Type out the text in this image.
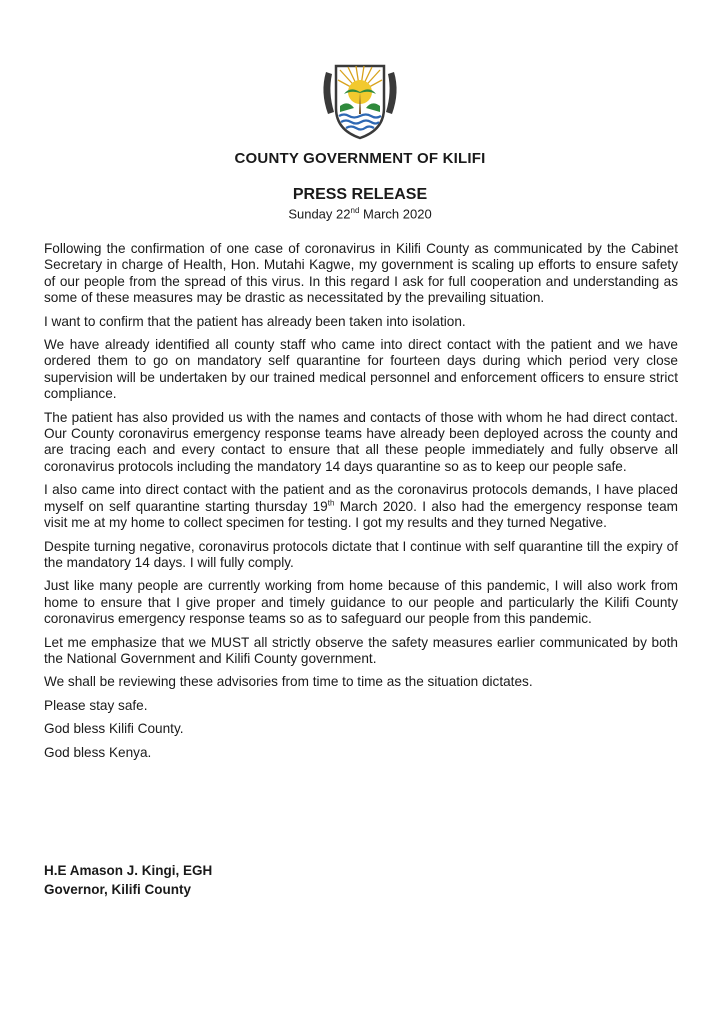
COUNTY GOVERNMENT OF KILIFI
PRESS RELEASE
Sunday 22nd March 2020

Following the confirmation of one case of coronavirus in Kilifi County as communicated by the Cabinet Secretary in charge of Health, Hon. Mutahi Kagwe, my government is scaling up efforts to ensure safety of our people from the spread of this virus. In this regard I ask for full cooperation and understanding as some of these measures may be drastic as necessitated by the prevailing situation.

I want to confirm that the patient has already been taken into isolation.

We have already identified all county staff who came into direct contact with the patient and we have ordered them to go on mandatory self quarantine for fourteen days during which period very close supervision will be undertaken by our trained medical personnel and enforcement officers to ensure strict compliance.

The patient has also provided us with the names and contacts of those with whom he had direct contact. Our County coronavirus emergency response teams have already been deployed across the county and are tracing each and every contact to ensure that all these people immediately and fully observe all coronavirus protocols including the mandatory 14 days quarantine so as to keep our people safe.

I also came into direct contact with the patient and as the coronavirus protocols demands, I have placed myself on self quarantine starting thursday 19th March 2020. I also had the emergency response team visit me at my home to collect specimen for testing. I got my results and they turned Negative.

Despite turning negative, coronavirus protocols dictate that I continue with self quarantine till the expiry of the mandatory 14 days. I will fully comply.

Just like many people are currently working from home because of this pandemic, I will also work from home to ensure that I give proper and timely guidance to our people and particularly the Kilifi County coronavirus emergency response teams so as to safeguard our people from this pandemic.

Let me emphasize that we MUST all strictly observe the safety measures earlier communicated by both the National Government and Kilifi County government.

We shall be reviewing these advisories from time to time as the situation dictates.

Please stay safe.

God bless Kilifi County.

God bless Kenya.

H.E Amason J. Kingi, EGH
Governor, Kilifi County
